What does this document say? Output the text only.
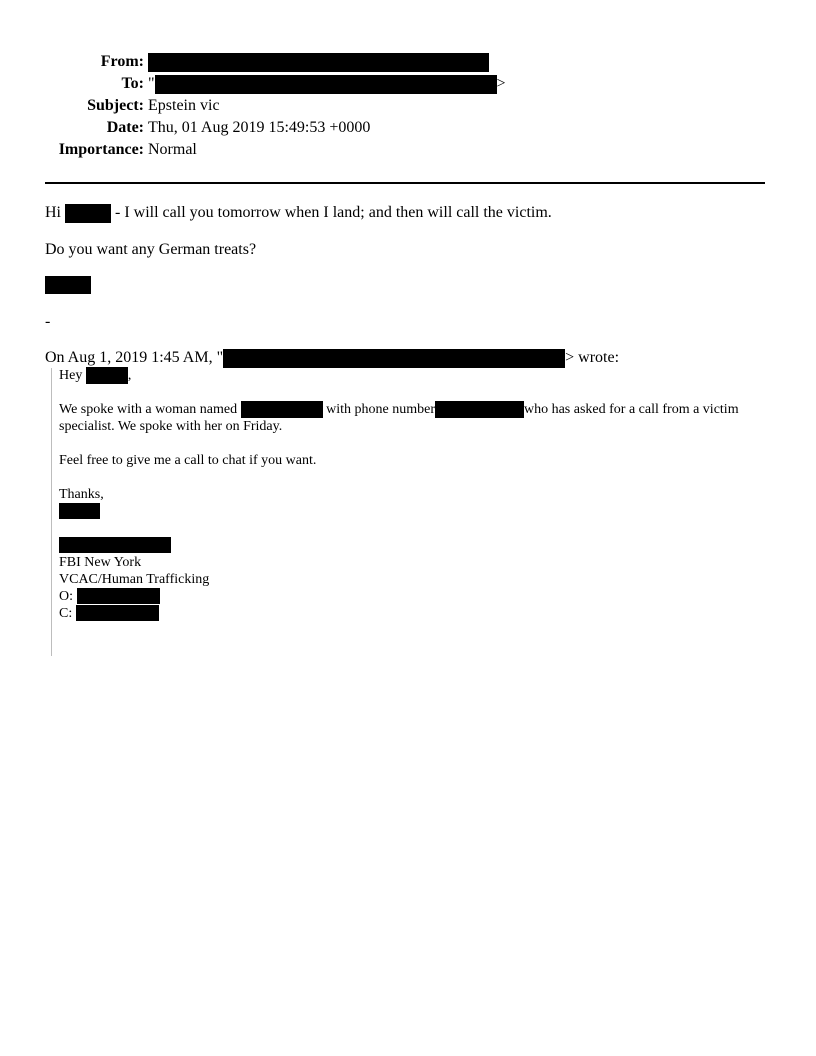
From:
To: "	>
Subject: Epstein vic
Date: Thu, 01 Aug 2019 15:49:53 +0000
Importance: Normal
Hi	- I will call you tomorrow when I land; and then will call the victim.
Do you want any German treats?
-
On Aug 1, 2019 1:45 AM, "	> wrote:
Hey	,
We spoke with a woman named	with phone number	who has asked for a call from a victim
specialist. We spoke with her on Friday.
Feel free to give me a call to chat if you want.
Thanks,
FBI New York
VCAC/Human Trafficking
O:
C:
